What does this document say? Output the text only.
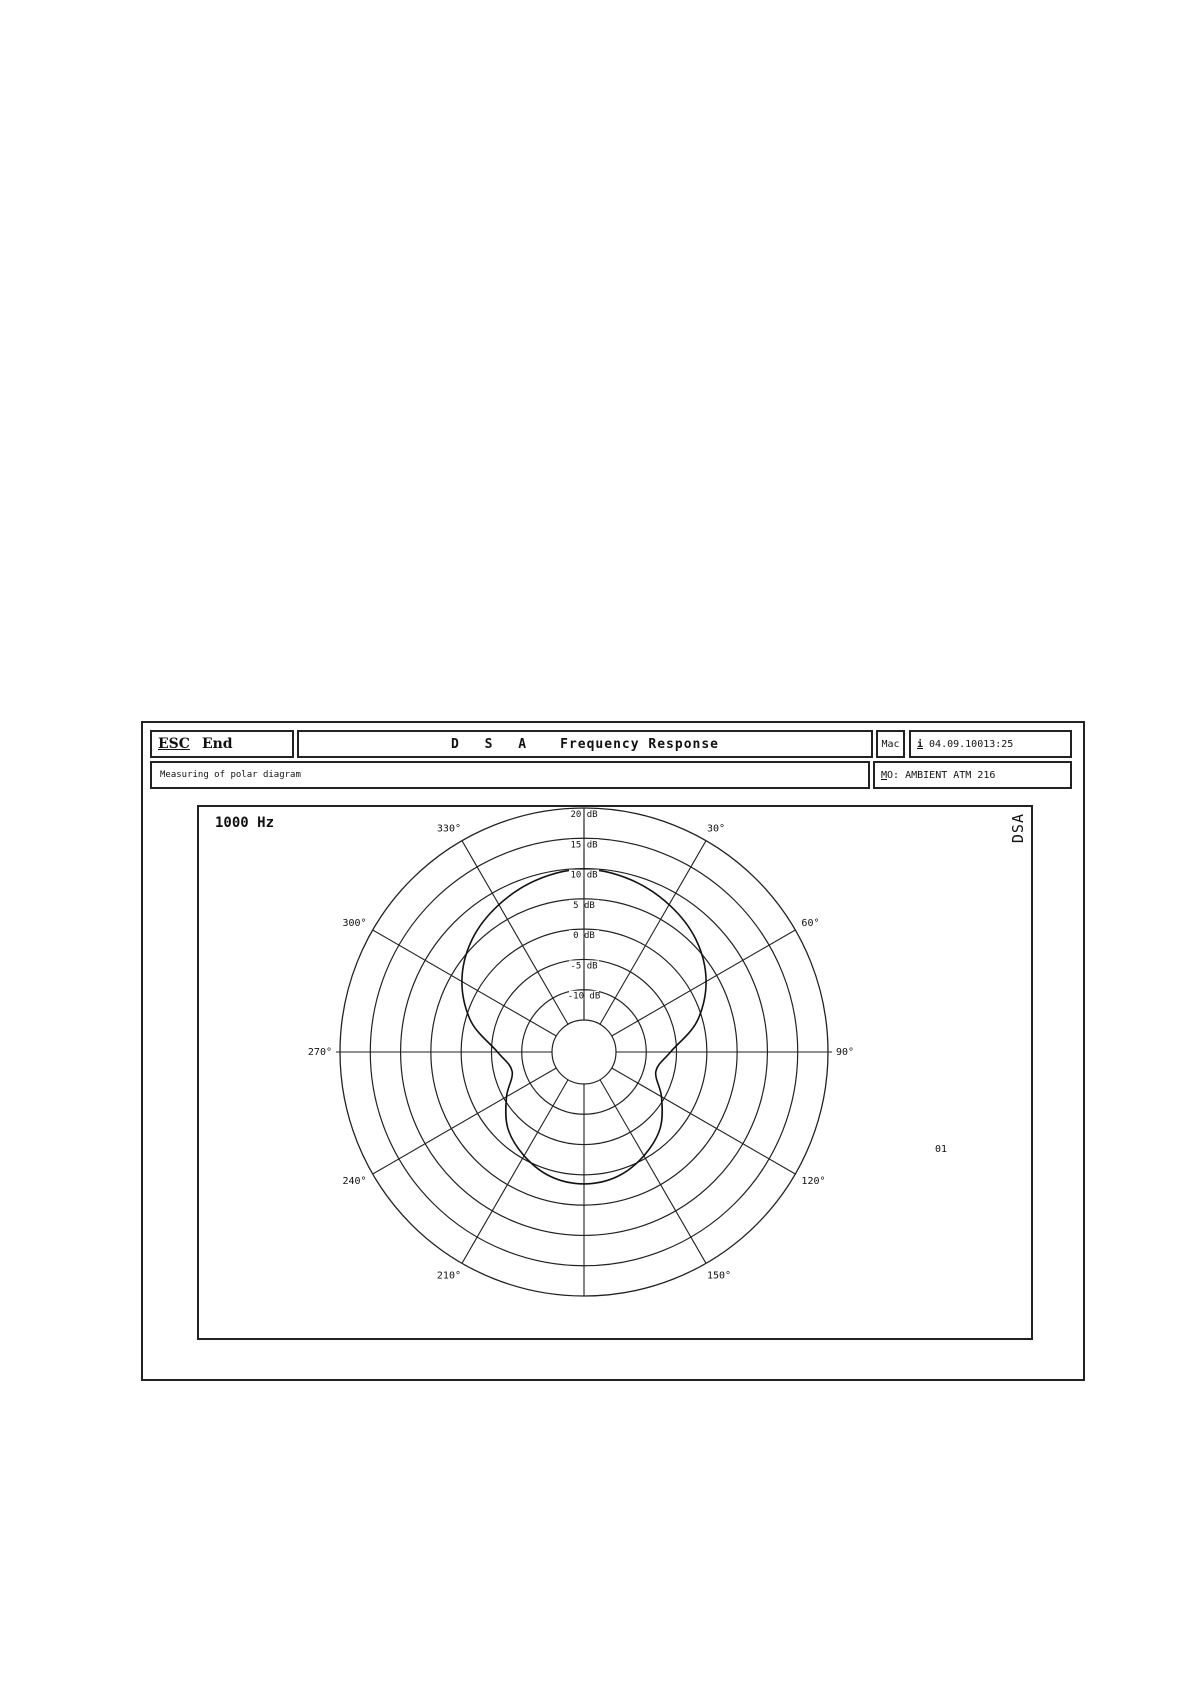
ESC End	D S A Frequency Response	Mac i 04.09.10013:25
Measuring of polar diagram	M O: AMBIENT ATM 216
20 dB
15 dB
10 dB
5 dB
0 dB
-5 dB
-10 dB
30°
60°
90°
120°
150°
210°
240°
270°
300°
330°
1000 Hz	DSA
01
